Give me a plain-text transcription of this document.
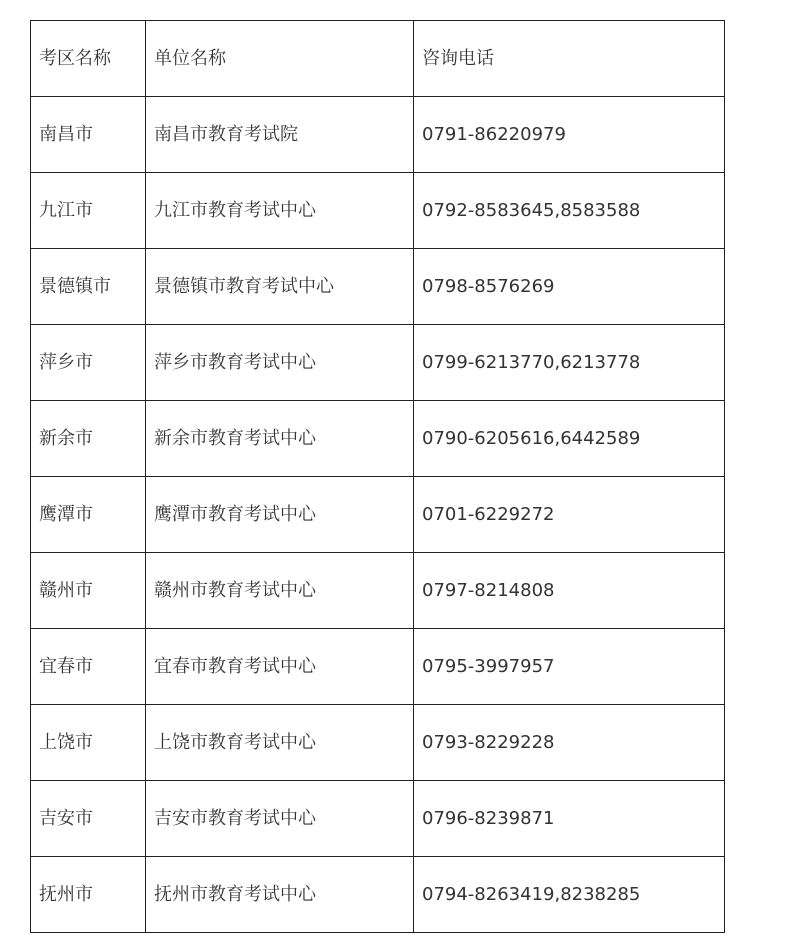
考区名称	单位名称	咨询电话
南昌市	南昌市教育考试院	0791-86220979
九江市	九江市教育考试中心	0792-8583645,8583588
景德镇市	景德镇市教育考试中心	0798-8576269
萍乡市	萍乡市教育考试中心	0799-6213770,6213778
新余市	新余市教育考试中心	0790-6205616,6442589
鹰潭市	鹰潭市教育考试中心	0701-6229272
赣州市	赣州市教育考试中心	0797-8214808
宜春市	宜春市教育考试中心	0795-3997957
上饶市	上饶市教育考试中心	0793-8229228
吉安市	吉安市教育考试中心	0796-8239871
抚州市	抚州市教育考试中心	0794-8263419,8238285
